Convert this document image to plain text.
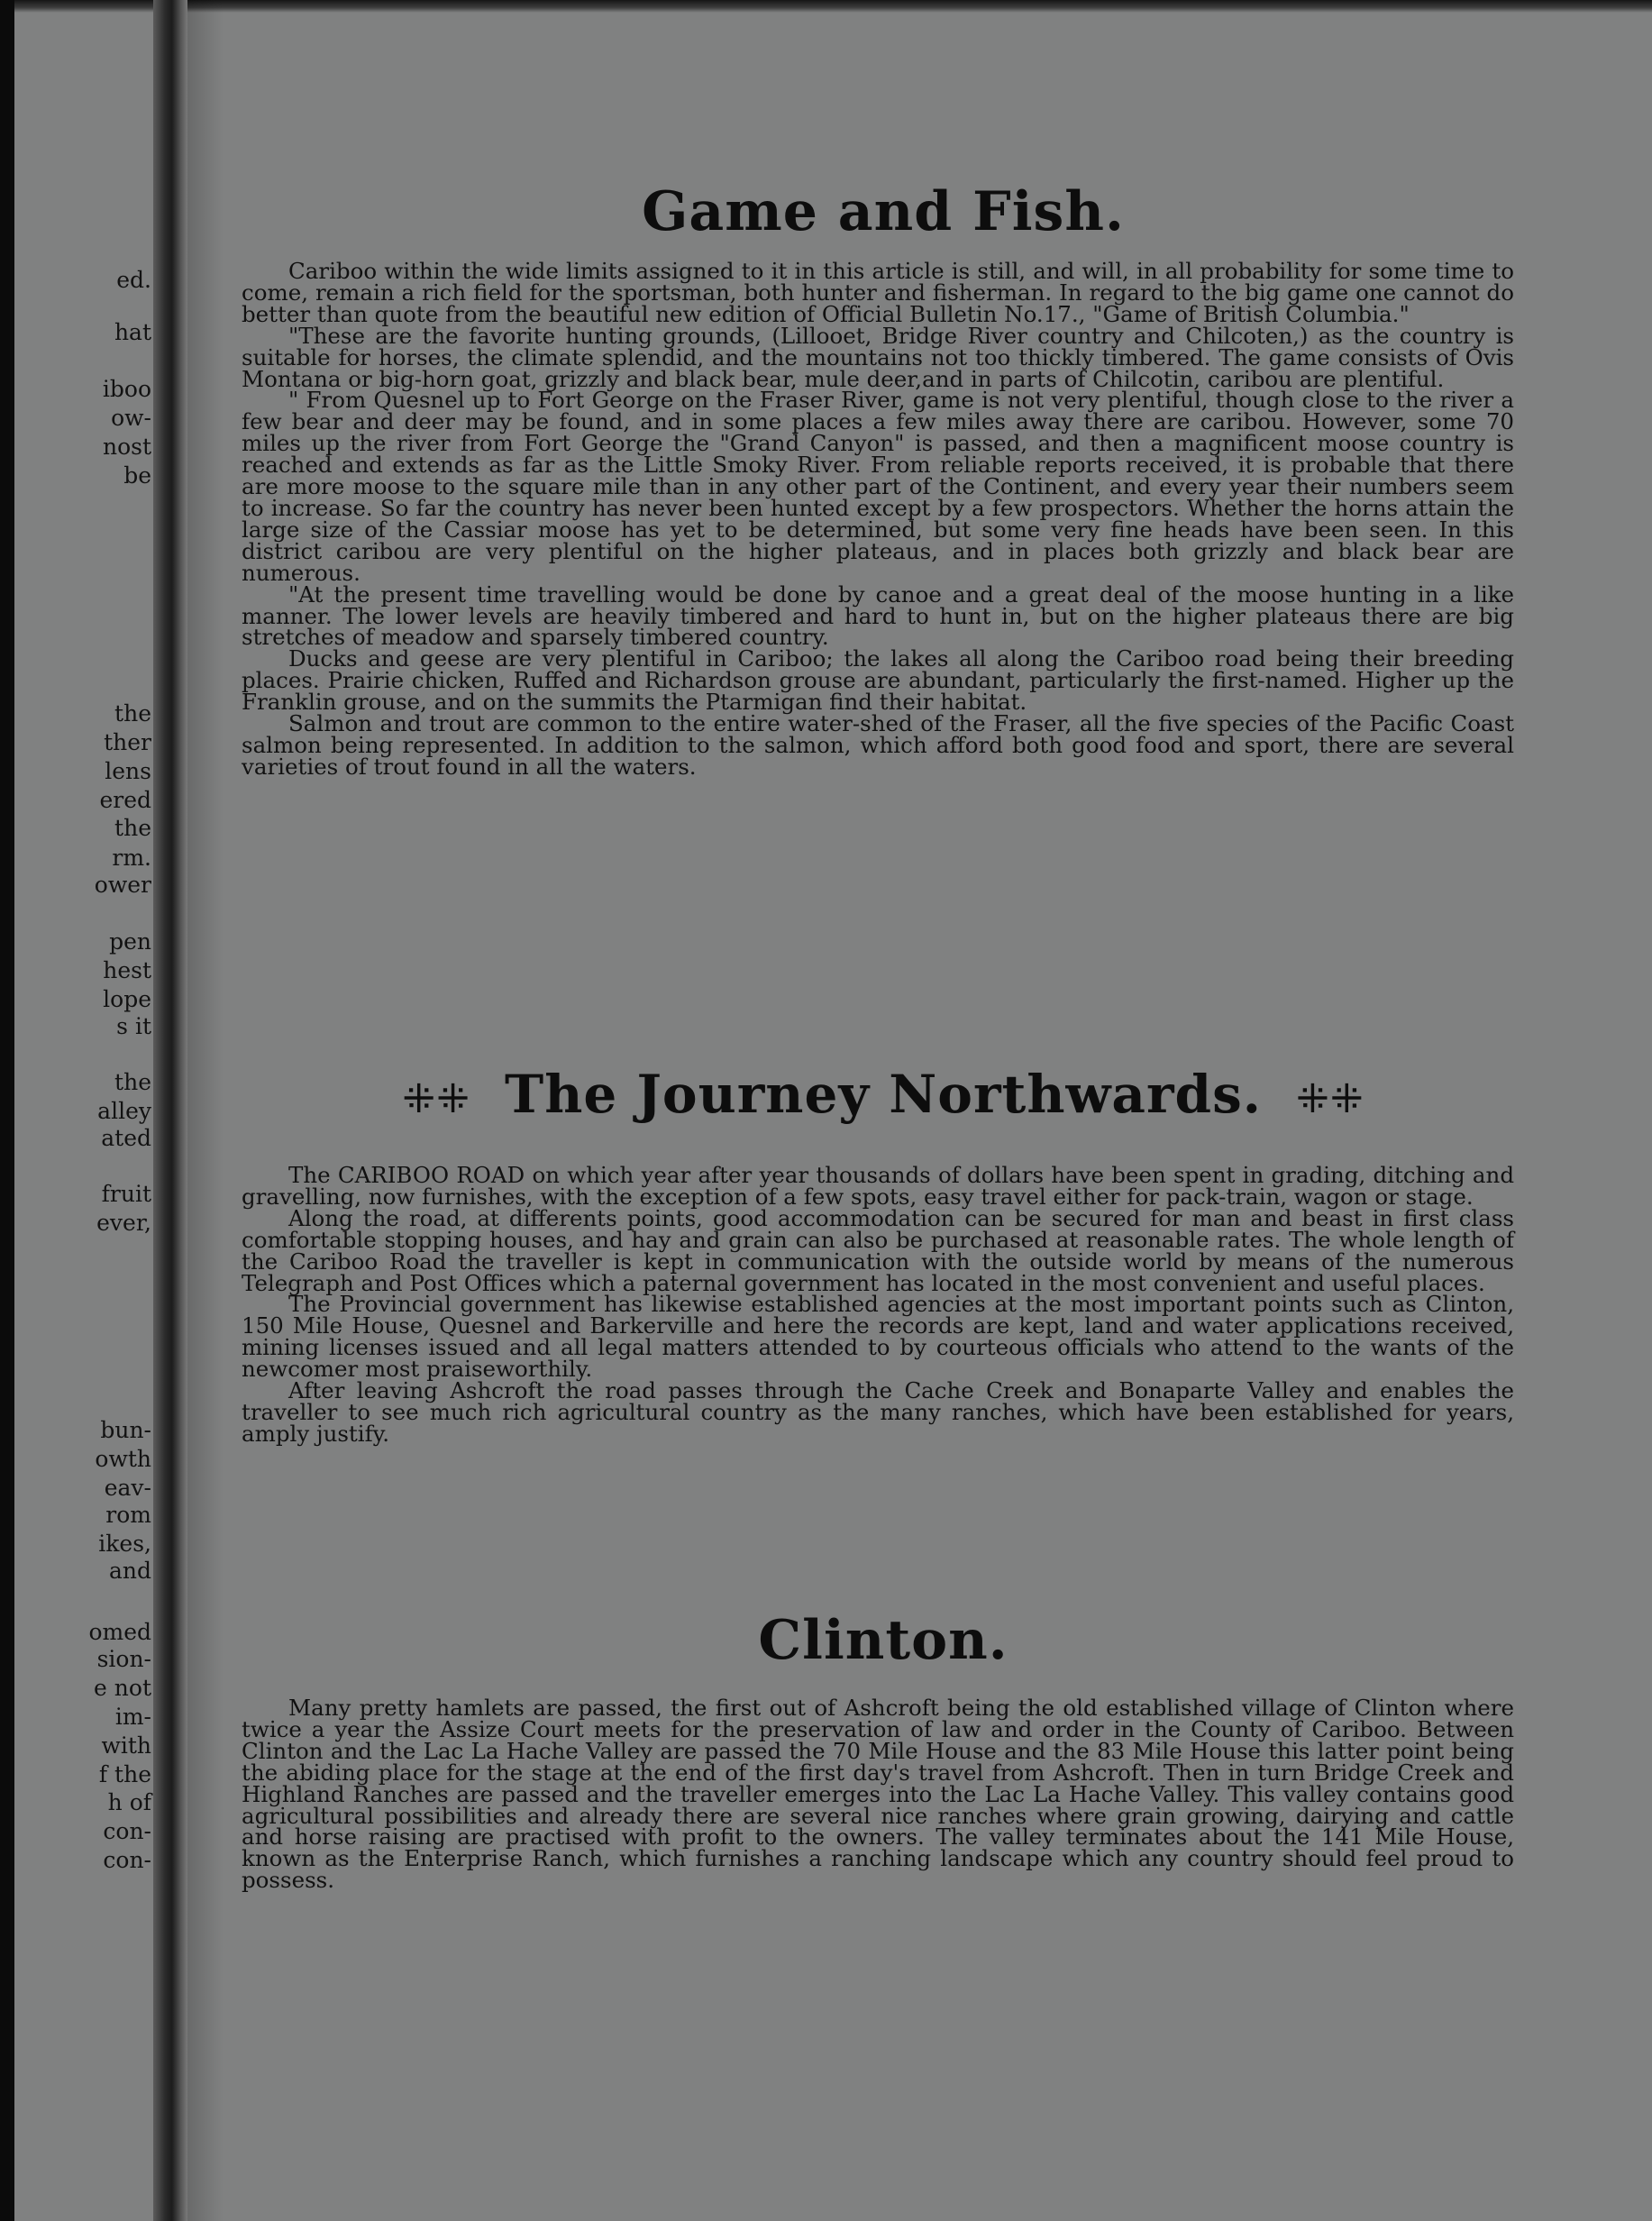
ed.
hat
iboo
ow-
nost
be
the
ther
lens
ered
the
rm.
ower
pen
hest
lope
s it
the
alley
ated
fruit
ever,
bun-
owth
eav-
rom
ikes,
and
omed
sion-
e not
im-
with
f the
h of
con-
con-
Game and Fish.

Cariboo within the wide limits assigned to it in this article is still, and will, in all probability for some time to come, remain a rich field for the sportsman, both hunter and fisherman. In regard to the big game one cannot do better than quote from the beautiful new edition of Official Bulletin No.17., "Game of British Columbia."

"These are the favorite hunting grounds, (Lillooet, Bridge River country and Chilcoten,) as the country is suitable for horses, the climate splendid, and the mountains not too thickly timbered. The game consists of Ovis Montana or big-horn goat, grizzly and black bear, mule deer,and in parts of Chilcotin, caribou are plentiful.

" From Quesnel up to Fort George on the Fraser River, game is not very plentiful, though close to the river a few bear and deer may be found, and in some places a few miles away there are caribou. However, some 70 miles up the river from Fort George the "Grand Canyon" is passed, and then a magnificent moose country is reached and extends as far as the Little Smoky River. From reliable reports received, it is probable that there are more moose to the square mile than in any other part of the Continent, and every year their numbers seem to increase. So far the country has never been hunted except by a few prospectors. Whether the horns attain the large size of the Cassiar moose has yet to be determined, but some very fine heads have been seen. In this district caribou are very plentiful on the higher plateaus, and in places both grizzly and black bear are numerous.

"At the present time travelling would be done by canoe and a great deal of the moose hunting in a like manner. The lower levels are heavily timbered and hard to hunt in, but on the higher plateaus there are big stretches of meadow and sparsely timbered country.

Ducks and geese are very plentiful in Cariboo; the lakes all along the Cariboo road being their breeding places. Prairie chicken, Ruffed and Richardson grouse are abundant, particularly the first-named. Higher up the Franklin grouse, and on the summits the Ptarmigan find their habitat.

Salmon and trout are common to the entire water-shed of the Fraser, all the five species of the Pacific Coast salmon being represented. In addition to the salmon, which afford both good food and sport, there are several varieties of trout found in all the waters.

⁜⁜ The Journey Northwards. ⁜⁜

The CARIBOO ROAD on which year after year thousands of dollars have been spent in grading, ditching and gravelling, now furnishes, with the exception of a few spots, easy travel either for pack-train, wagon or stage.

Along the road, at differents points, good accommodation can be secured for man and beast in first class comfortable stopping houses, and hay and grain can also be purchased at reasonable rates. The whole length of the Cariboo Road the traveller is kept in communication with the outside world by means of the numerous Telegraph and Post Offices which a paternal government has located in the most convenient and useful places.

The Provincial government has likewise established agencies at the most important points such as Clinton, 150 Mile House, Quesnel and Barkerville and here the records are kept, land and water applications received, mining licenses issued and all legal matters attended to by courteous officials who attend to the wants of the newcomer most praiseworthily.

After leaving Ashcroft the road passes through the Cache Creek and Bonaparte Valley and enables the traveller to see much rich agricultural country as the many ranches, which have been established for years, amply justify.

Clinton.

Many pretty hamlets are passed, the first out of Ashcroft being the old established village of Clinton where twice a year the Assize Court meets for the preservation of law and order in the County of Cariboo. Between Clinton and the Lac La Hache Valley are passed the 70 Mile House and the 83 Mile House this latter point being the abiding place for the stage at the end of the first day's travel from Ashcroft. Then in turn Bridge Creek and Highland Ranches are passed and the traveller emerges into the Lac La Hache Valley. This valley contains good agricultural possibilities and already there are several nice ranches where grain growing, dairying and cattle and horse raising are practised with profit to the owners. The valley terminates about the 141 Mile House, known as the Enterprise Ranch, which furnishes a ranching landscape which any country should feel proud to possess.
